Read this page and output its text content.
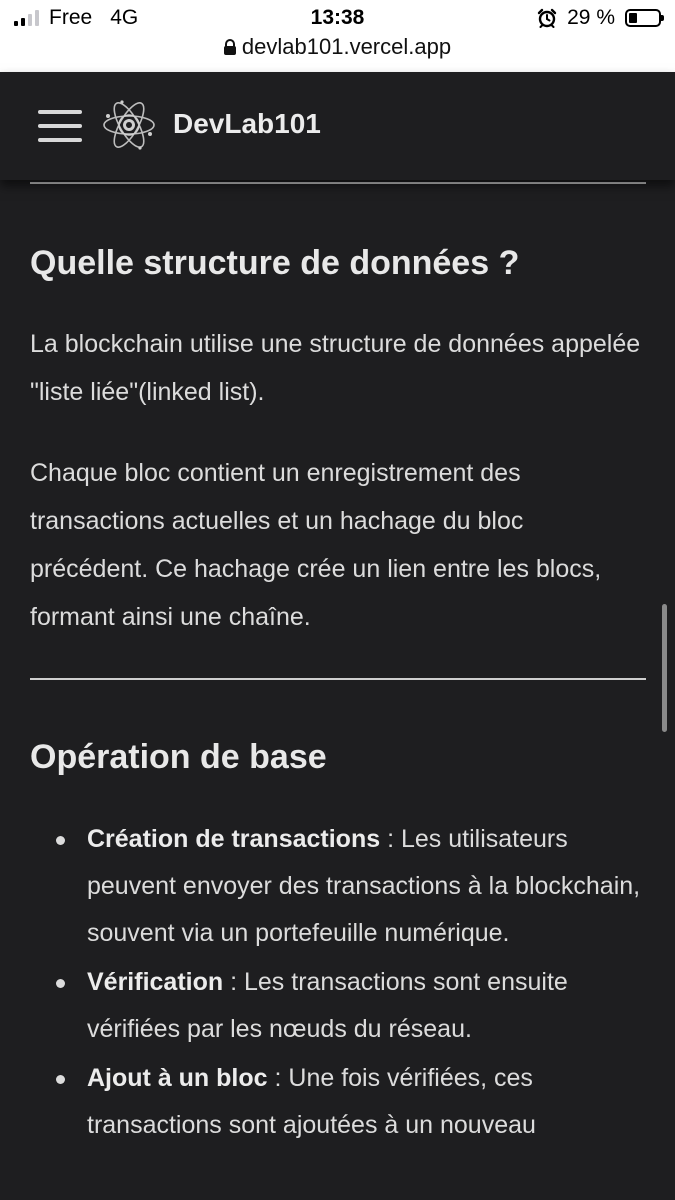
Free 4G	13:38	29 %
devlab101.vercel.app
DevLab101
Quelle structure de données ?

La blockchain utilise une structure de données appelée "liste liée"(linked list).

Chaque bloc contient un enregistrement des transactions actuelles et un hachage du bloc précédent. Ce hachage crée un lien entre les blocs, formant ainsi une chaîne.

Opération de base
Création de transactions : Les utilisateurs peuvent envoyer des transactions à la blockchain, souvent via un portefeuille numérique.
Vérification : Les transactions sont ensuite vérifiées par les nœuds du réseau.
Ajout à un bloc : Une fois vérifiées, ces transactions sont ajoutées à un nouveau
